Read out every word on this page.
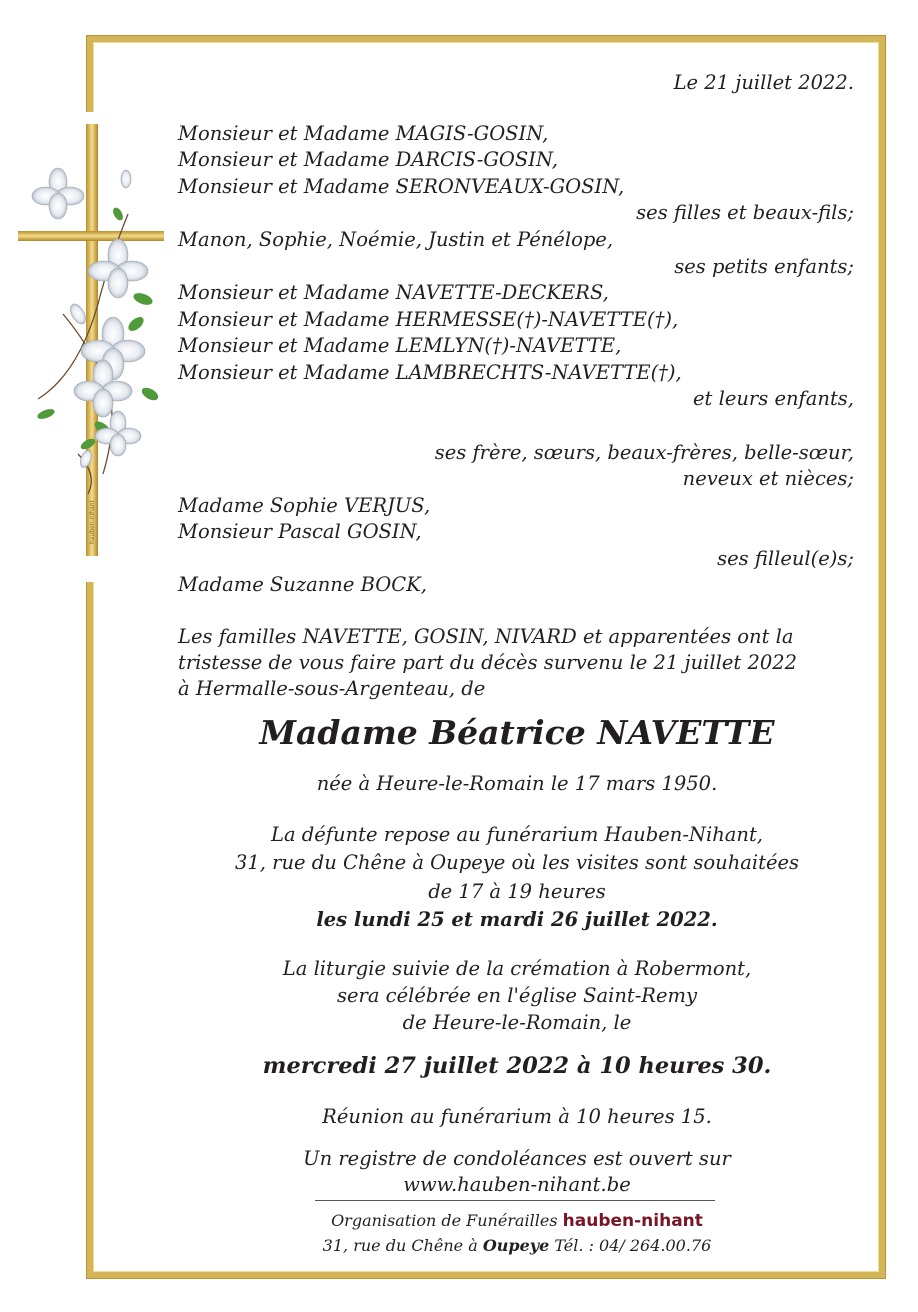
hauben-nihant
Le 21 juillet 2022.
Monsieur et Madame MAGIS-GOSIN,
Monsieur et Madame DARCIS-GOSIN,
Monsieur et Madame SERONVEAUX-GOSIN,
ses filles et beaux-fils;
Manon, Sophie, Noémie, Justin et Pénélope,
ses petits enfants;
Monsieur et Madame NAVETTE-DECKERS,
Monsieur et Madame HERMESSE(†)-NAVETTE(†),
Monsieur et Madame LEMLYN(†)-NAVETTE,
Monsieur et Madame LAMBRECHTS-NAVETTE(†),
et leurs enfants,
ses frère, sœurs, beaux-frères, belle-sœur,
neveux et nièces;
Madame Sophie VERJUS,
Monsieur Pascal GOSIN,
ses filleul(e)s;
Madame Suzanne BOCK,
Les familles NAVETTE, GOSIN, NIVARD et apparentées ont la
tristesse de vous faire part du décès survenu le 21 juillet 2022
à Hermalle-sous-Argenteau, de
Madame Béatrice NAVETTE
née à Heure-le-Romain le 17 mars 1950.
La défunte repose au funérarium Hauben-Nihant,
31, rue du Chêne à Oupeye où les visites sont souhaitées
de 17 à 19 heures
les lundi 25 et mardi 26 juillet 2022.
La liturgie suivie de la crémation à Robermont,
sera célébrée en l'église Saint-Remy
de Heure-le-Romain, le
mercredi 27 juillet 2022 à 10 heures 30.
Réunion au funérarium à 10 heures 15.
Un registre de condoléances est ouvert sur
www.hauben-nihant.be
Organisation de Funérailles hauben-nihant
31, rue du Chêne à Oupeye Tél. : 04/ 264.00.76
